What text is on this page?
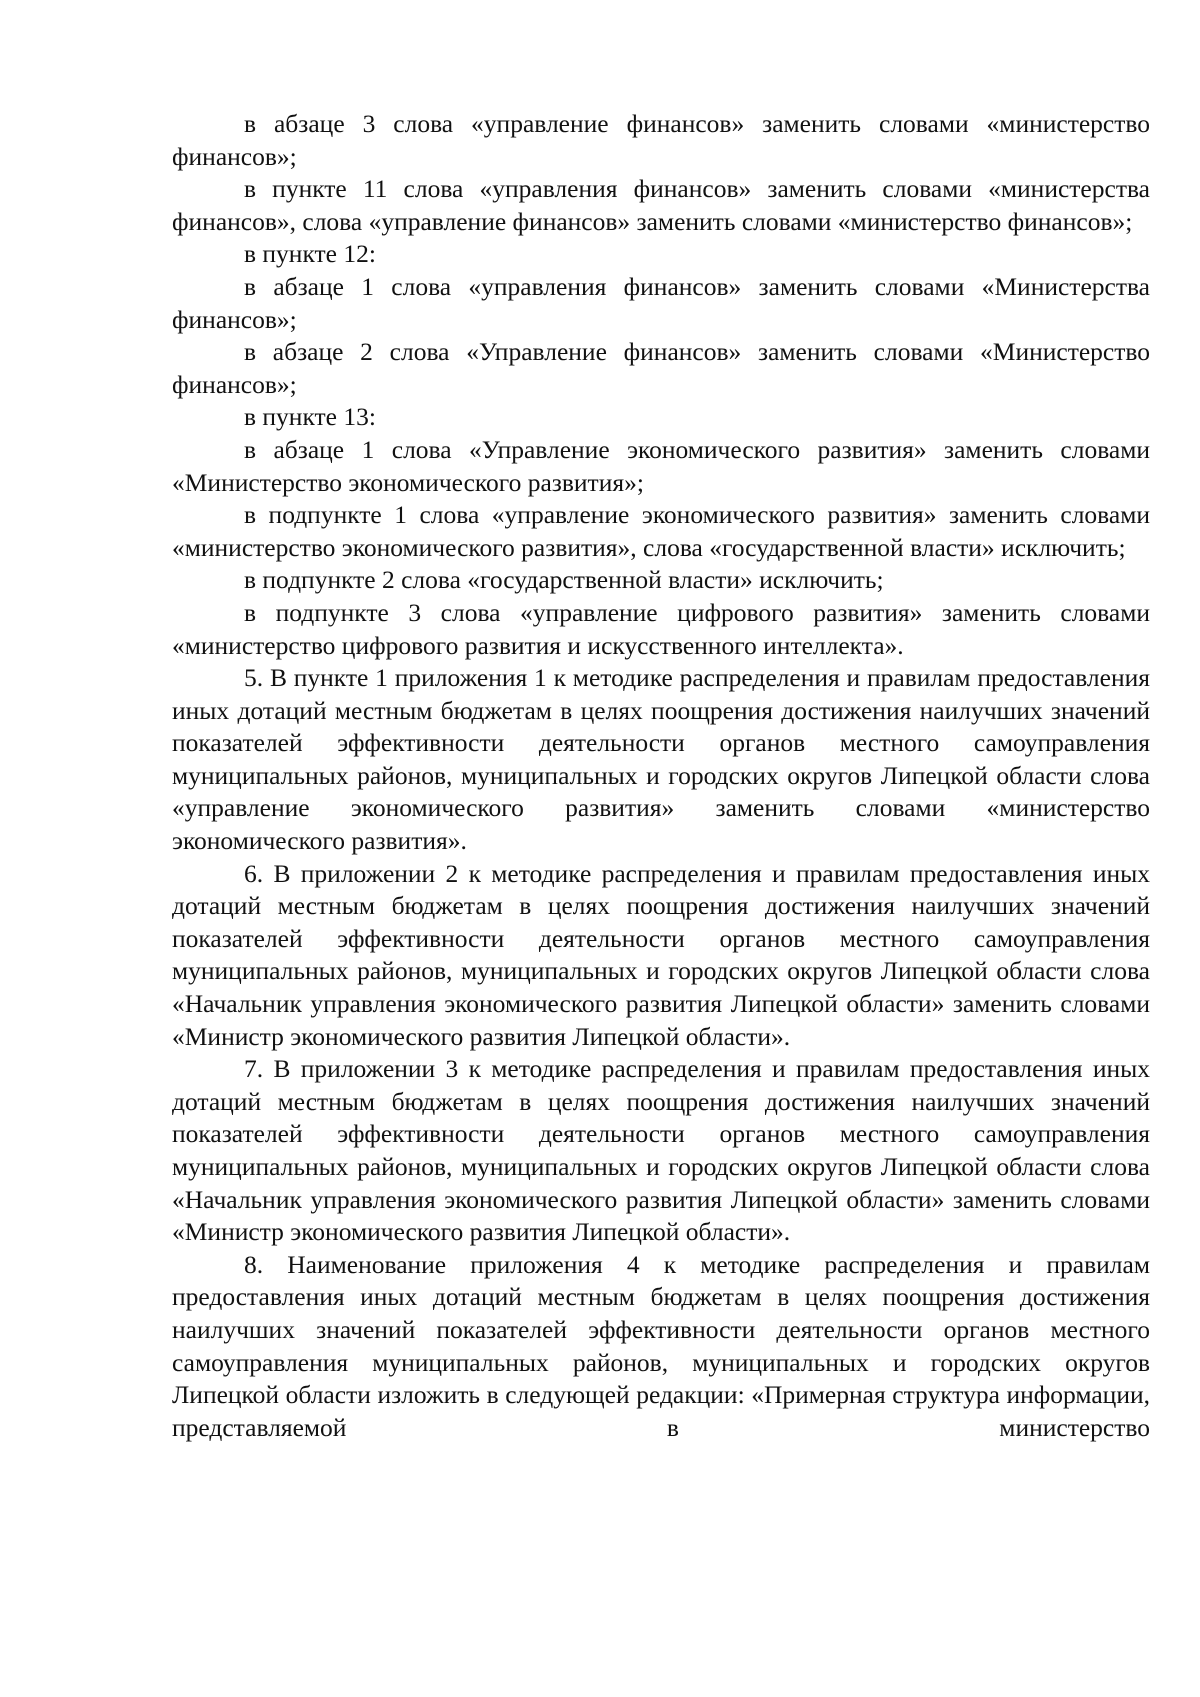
в абзаце 3 слова «управление финансов» заменить словами «министерство финансов»;

в пункте 11 слова «управления финансов» заменить словами «министерства финансов», слова «управление финансов» заменить словами «министерство финансов»;

в пункте 12:

в абзаце 1 слова «управления финансов» заменить словами «Министерства финансов»;

в абзаце 2 слова «Управление финансов» заменить словами «Министерство финансов»;

в пункте 13:

в абзаце 1 слова «Управление экономического развития» заменить словами «Министерство экономического развития»;

в подпункте 1 слова «управление экономического развития» заменить словами «министерство экономического развития», слова «государственной власти» исключить;

в подпункте 2 слова «государственной власти» исключить;

в подпункте 3 слова «управление цифрового развития» заменить словами «министерство цифрового развития и искусственного интеллекта».

5. В пункте 1 приложения 1 к методике распределения и правилам предоставления иных дотаций местным бюджетам в целях поощрения достижения наилучших значений показателей эффективности деятельности органов местного самоуправления муниципальных районов, муниципальных и городских округов Липецкой области слова «управление экономического развития» заменить словами «министерство экономического развития».

6. В приложении 2 к методике распределения и правилам предоставления иных дотаций местным бюджетам в целях поощрения достижения наилучших значений показателей эффективности деятельности органов местного самоуправления муниципальных районов, муниципальных и городских округов Липецкой области слова «Начальник управления экономического развития Липецкой области» заменить словами «Министр экономического развития Липецкой области».

7. В приложении 3 к методике распределения и правилам предоставления иных дотаций местным бюджетам в целях поощрения достижения наилучших значений показателей эффективности деятельности органов местного самоуправления муниципальных районов, муниципальных и городских округов Липецкой области слова «Начальник управления экономического развития Липецкой области» заменить словами «Министр экономического развития Липецкой области».

8. Наименование приложения 4 к методике распределения и правилам предоставления иных дотаций местным бюджетам в целях поощрения достижения наилучших значений показателей эффективности деятельности органов местного самоуправления муниципальных районов, муниципальных и городских округов Липецкой области изложить в следующей редакции: «Примерная структура информации, представляемой в министерство
